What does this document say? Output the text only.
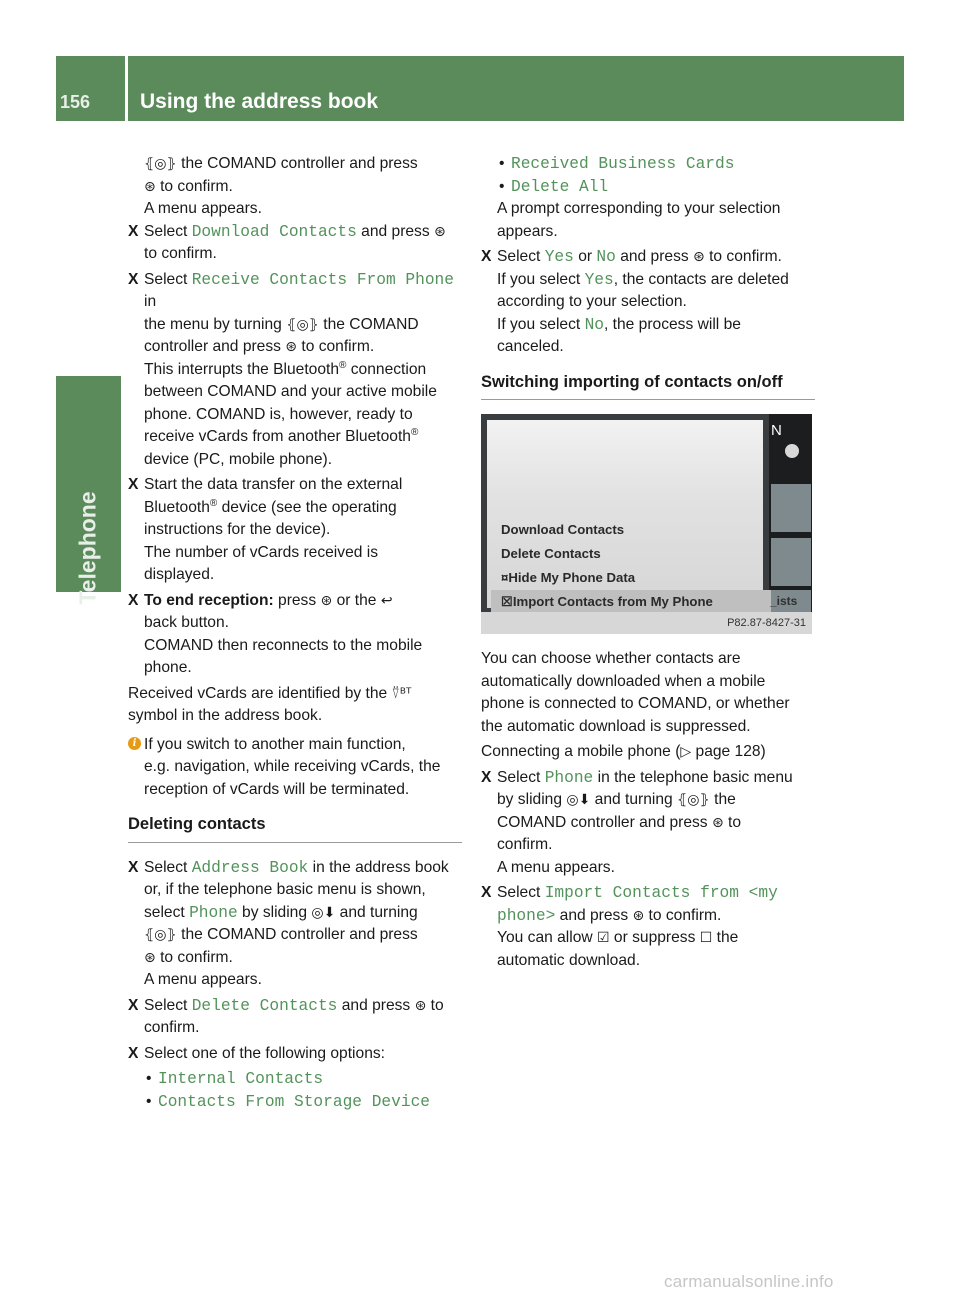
156 Using the address book
Telephone
⦃◎⦄ the COMAND controller and press
⊛ to confirm.
A menu appears.
X Select Download Contacts and press ⊛
to confirm.
X Select Receive Contacts From Phone in
the menu by turning ⦃◎⦄ the COMAND
controller and press ⊛ to confirm.
This interrupts the Bluetooth® connection
between COMAND and your active mobile
phone. COMAND is, however, ready to
receive vCards from another Bluetooth®
device (PC, mobile phone).
X Start the data transfer on the external
Bluetooth® device (see the operating
instructions for the device).
The number of vCards received is
displayed.
X To end reception: press ⊛ or the ↩
back button.
COMAND then reconnects to the mobile
phone.
Received vCards are identified by the ⍢ᴮᵀ
symbol in the address book.
i If you switch to another main function,
e.g. navigation, while receiving vCards, the
reception of vCards will be terminated.
Deleting contacts
X Select Address Book in the address book
or, if the telephone basic menu is shown,
select Phone by sliding ◎⬇ and turning
⦃◎⦄ the COMAND controller and press
⊛ to confirm.
A menu appears.
X Select Delete Contacts and press ⊛ to
confirm.
X Select one of the following options:
• Internal Contacts
• Contacts From Storage Device
• Received Business Cards
• Delete All
A prompt corresponding to your selection
appears.
X Select Yes or No and press ⊛ to confirm.
If you select Yes, the contacts are deleted
according to your selection.
If you select No, the process will be
canceled.
Switching importing of contacts on/off
N
Download Contacts
Delete Contacts
¤Hide My Phone Data
☒Import Contacts from My Phone	_ists
P82.87-8427-31
You can choose whether contacts are
automatically downloaded when a mobile
phone is connected to COMAND, or whether
the automatic download is suppressed.
Connecting a mobile phone (▷ page 128)
X Select Phone in the telephone basic menu
by sliding ◎⬇ and turning ⦃◎⦄ the
COMAND controller and press ⊛ to
confirm.
A menu appears.
X Select Import Contacts from <my
phone> and press ⊛ to confirm.
You can allow ☑ or suppress ☐ the
automatic download.
carmanualsonline.info
